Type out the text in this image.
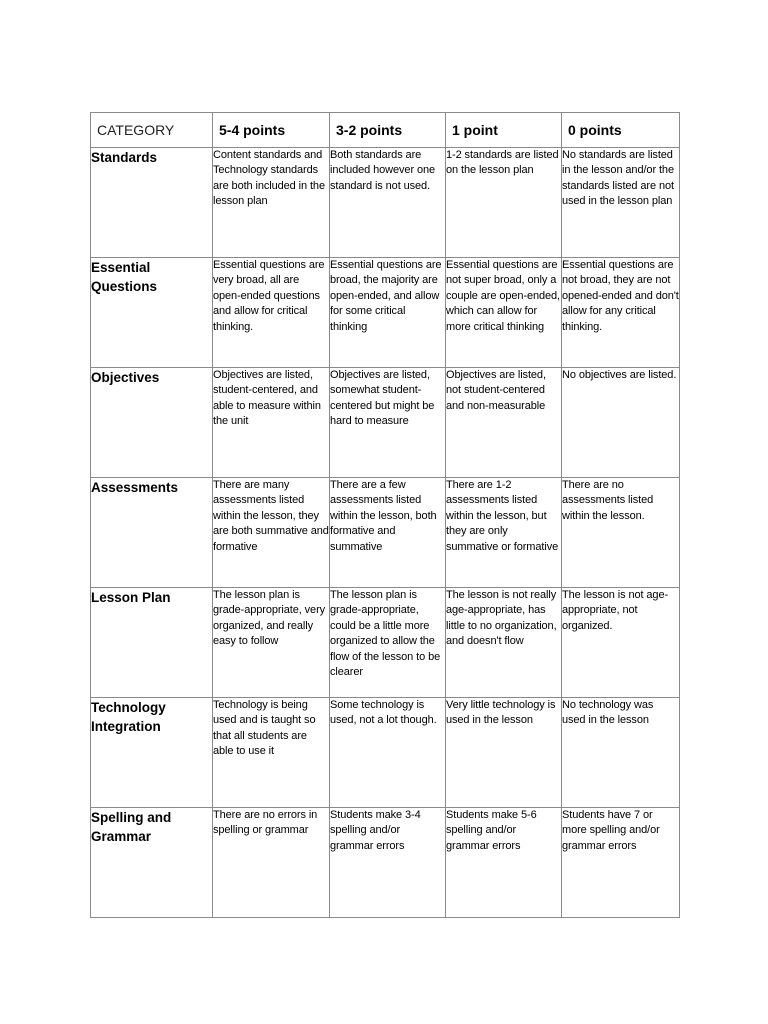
CATEGORY	5-4 points	3-2 points	1 point	0 points
Standards	Content standards and Technology standards are both included in the lesson plan	Both standards are included however one standard is not used.	1-2 standards are listed on the lesson plan	No standards are listed in the lesson and/or the standards listed are not used in the lesson plan
Essential Questions	Essential questions are very broad, all are open-ended questions and allow for critical thinking.	Essential questions are broad, the majority are open-ended, and allow for some critical thinking	Essential questions are not super broad, only a couple are open-ended, which can allow for more critical thinking	Essential questions are not broad, they are not opened-ended and don't allow for any critical thinking.
Objectives	Objectives are listed, student-centered, and able to measure within the unit	Objectives are listed, somewhat student-centered but might be hard to measure	Objectives are listed, not student-centered and non-measurable	No objectives are listed.
Assessments	There are many assessments listed within the lesson, they are both summative and formative	There are a few assessments listed within the lesson, both formative and summative	There are 1-2 assessments listed within the lesson, but they are only summative or formative	There are no assessments listed within the lesson.
Lesson Plan	The lesson plan is grade-appropriate, very organized, and really easy to follow	The lesson plan is grade-appropriate, could be a little more organized to allow the flow of the lesson to be clearer	The lesson is not really age-appropriate, has little to no organization, and doesn't flow	The lesson is not age-appropriate, not organized.
Technology Integration	Technology is being used and is taught so that all students are able to use it	Some technology is used, not a lot though.	Very little technology is used in the lesson	No technology was used in the lesson
Spelling and Grammar	There are no errors in spelling or grammar	Students make 3-4 spelling and/or grammar errors	Students make 5-6 spelling and/or grammar errors	Students have 7 or more spelling and/or grammar errors
